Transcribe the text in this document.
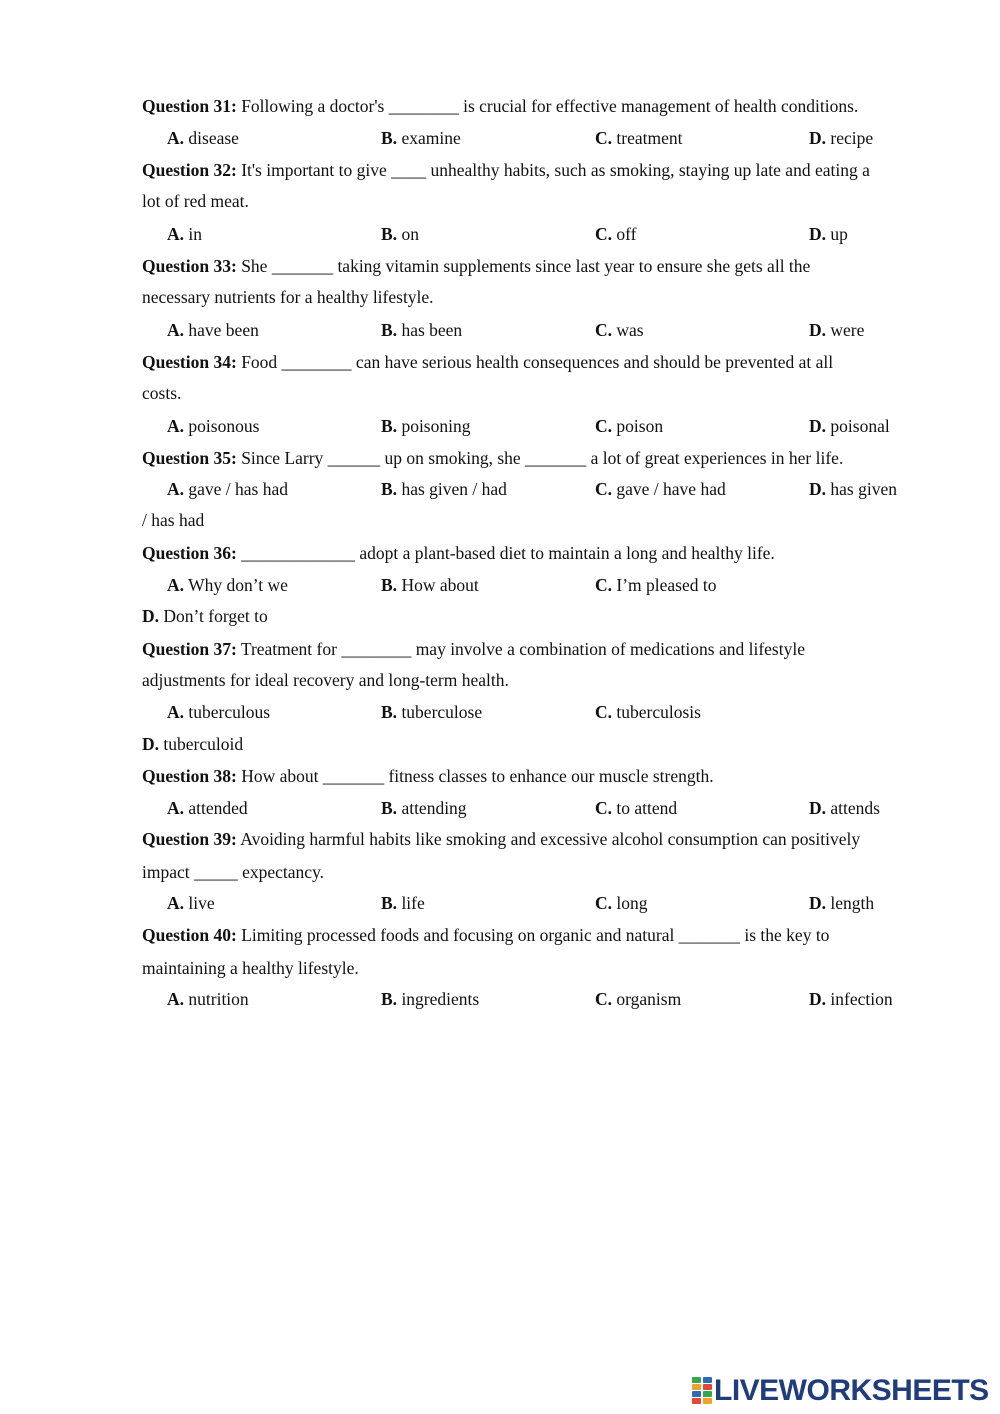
Question 31: Following a doctor's ________ is crucial for effective management of health conditions.
A. disease	B. examine	C. treatment	D. recipe
Question 32: It's important to give ____ unhealthy habits, such as smoking, staying up late and eating a
lot of red meat.
A. in	B. on	C. off	D. up
Question 33: She _______ taking vitamin supplements since last year to ensure she gets all the
necessary nutrients for a healthy lifestyle.
A. have been	B. has been	C. was	D. were
Question 34: Food ________ can have serious health consequences and should be prevented at all
costs.
A. poisonous	B. poisoning	C. poison	D. poisonal
Question 35: Since Larry ______ up on smoking, she _______ a lot of great experiences in her life.
A. gave / has had	B. has given / had	C. gave / have had	D. has given
/ has had
Question 36: _____________ adopt a plant-based diet to maintain a long and healthy life.
A. Why don’t we	B. How about	C. I’m pleased to
D. Don’t forget to
Question 37: Treatment for ________ may involve a combination of medications and lifestyle
adjustments for ideal recovery and long-term health.
A. tuberculous	B. tuberculose	C. tuberculosis
D. tuberculoid
Question 38: How about _______ fitness classes to enhance our muscle strength.
A. attended	B. attending	C. to attend	D. attends
Question 39: Avoiding harmful habits like smoking and excessive alcohol consumption can positively
impact _____ expectancy.
A. live	B. life	C. long	D. length
Question 40: Limiting processed foods and focusing on organic and natural _______ is the key to
maintaining a healthy lifestyle.
A. nutrition	B. ingredients	C. organism	D. infection
LIVEWORKSHEETS
